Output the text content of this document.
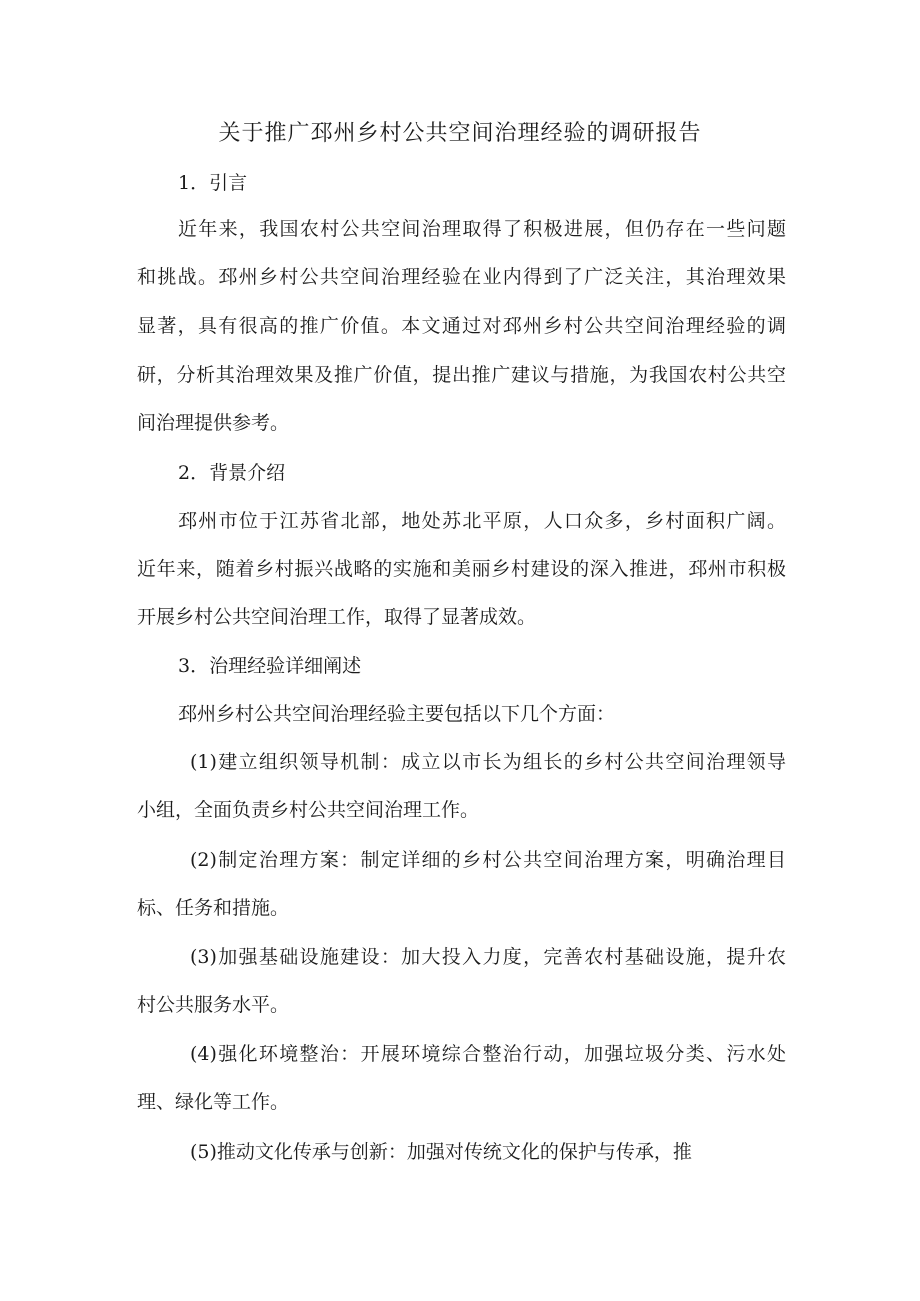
关于推广邳州乡村公共空间治理经验的调研报告
1．引言
近年来，我国农村公共空间治理取得了积极进展，但仍存在一些问题
和挑战。邳州乡村公共空间治理经验在业内得到了广泛关注，其治理效果
显著，具有很高的推广价值。本文通过对邳州乡村公共空间治理经验的调
研，分析其治理效果及推广价值，提出推广建议与措施，为我国农村公共空
间治理提供参考。
2．背景介绍
邳州市位于江苏省北部，地处苏北平原，人口众多，乡村面积广阔。
近年来，随着乡村振兴战略的实施和美丽乡村建设的深入推进，邳州市积极
开展乡村公共空间治理工作，取得了显著成效。
3．治理经验详细阐述
邳州乡村公共空间治理经验主要包括以下几个方面：
(1)建立组织领导机制：成立以市长为组长的乡村公共空间治理领导
小组，全面负责乡村公共空间治理工作。
(2)制定治理方案：制定详细的乡村公共空间治理方案，明确治理目
标、任务和措施。
(3)加强基础设施建设：加大投入力度，完善农村基础设施，提升农
村公共服务水平。
(4)强化环境整治：开展环境综合整治行动，加强垃圾分类、污水处
理、绿化等工作。
(5)推动文化传承与创新：加强对传统文化的保护与传承，推
